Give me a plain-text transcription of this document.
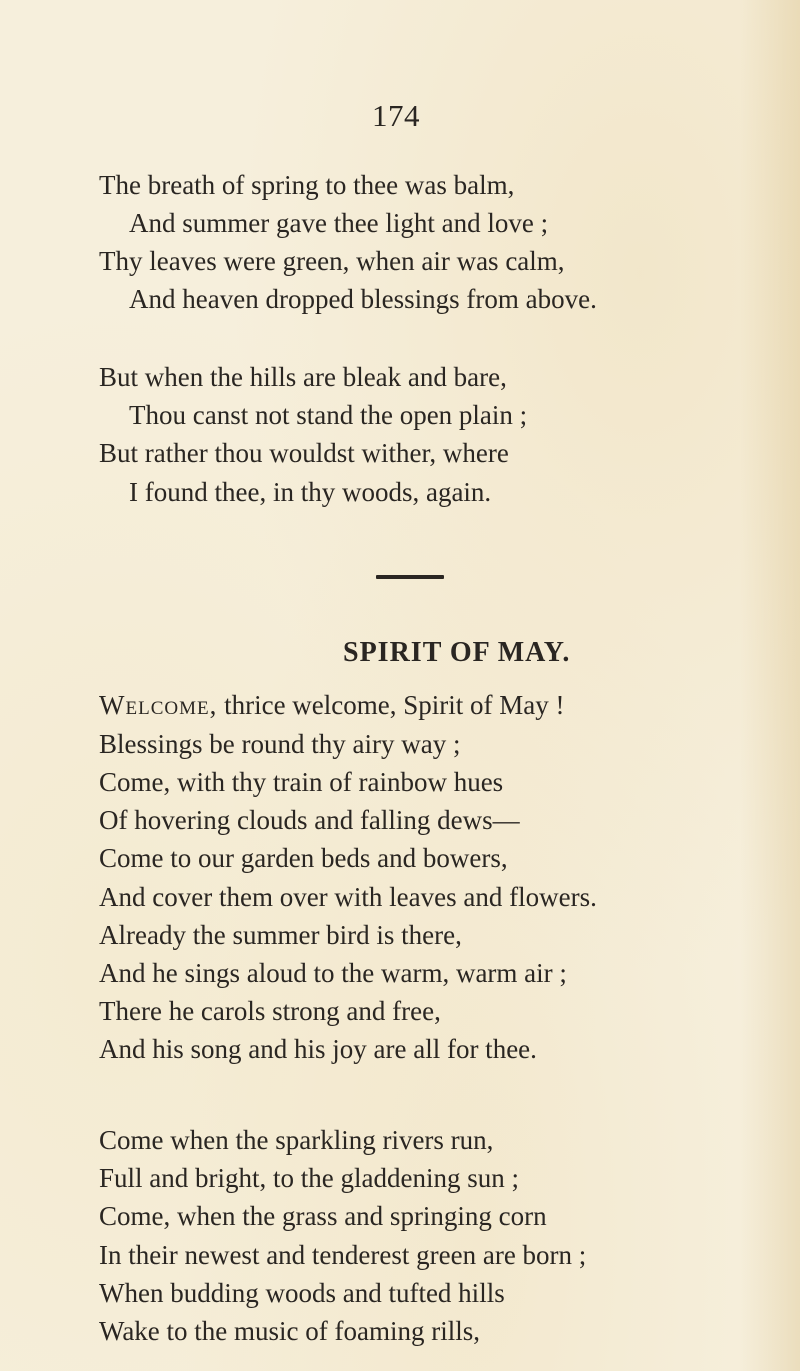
174
The breath of spring to thee was balm,
And summer gave thee light and love ;
Thy leaves were green, when air was calm,
And heaven dropped blessings from above.
But when the hills are bleak and bare,
Thou canst not stand the open plain ;
But rather thou wouldst wither, where
I found thee, in thy woods, again.
SPIRIT OF MAY.
Welcome, thrice welcome, Spirit of May !
Blessings be round thy airy way ;
Come, with thy train of rainbow hues
Of hovering clouds and falling dews—
Come to our garden beds and bowers,
And cover them over with leaves and flowers.
Already the summer bird is there,
And he sings aloud to the warm, warm air ;
There he carols strong and free,
And his song and his joy are all for thee.
Come when the sparkling rivers run,
Full and bright, to the gladdening sun ;
Come, when the grass and springing corn
In their newest and tenderest green are born ;
When budding woods and tufted hills
Wake to the music of foaming rills,
